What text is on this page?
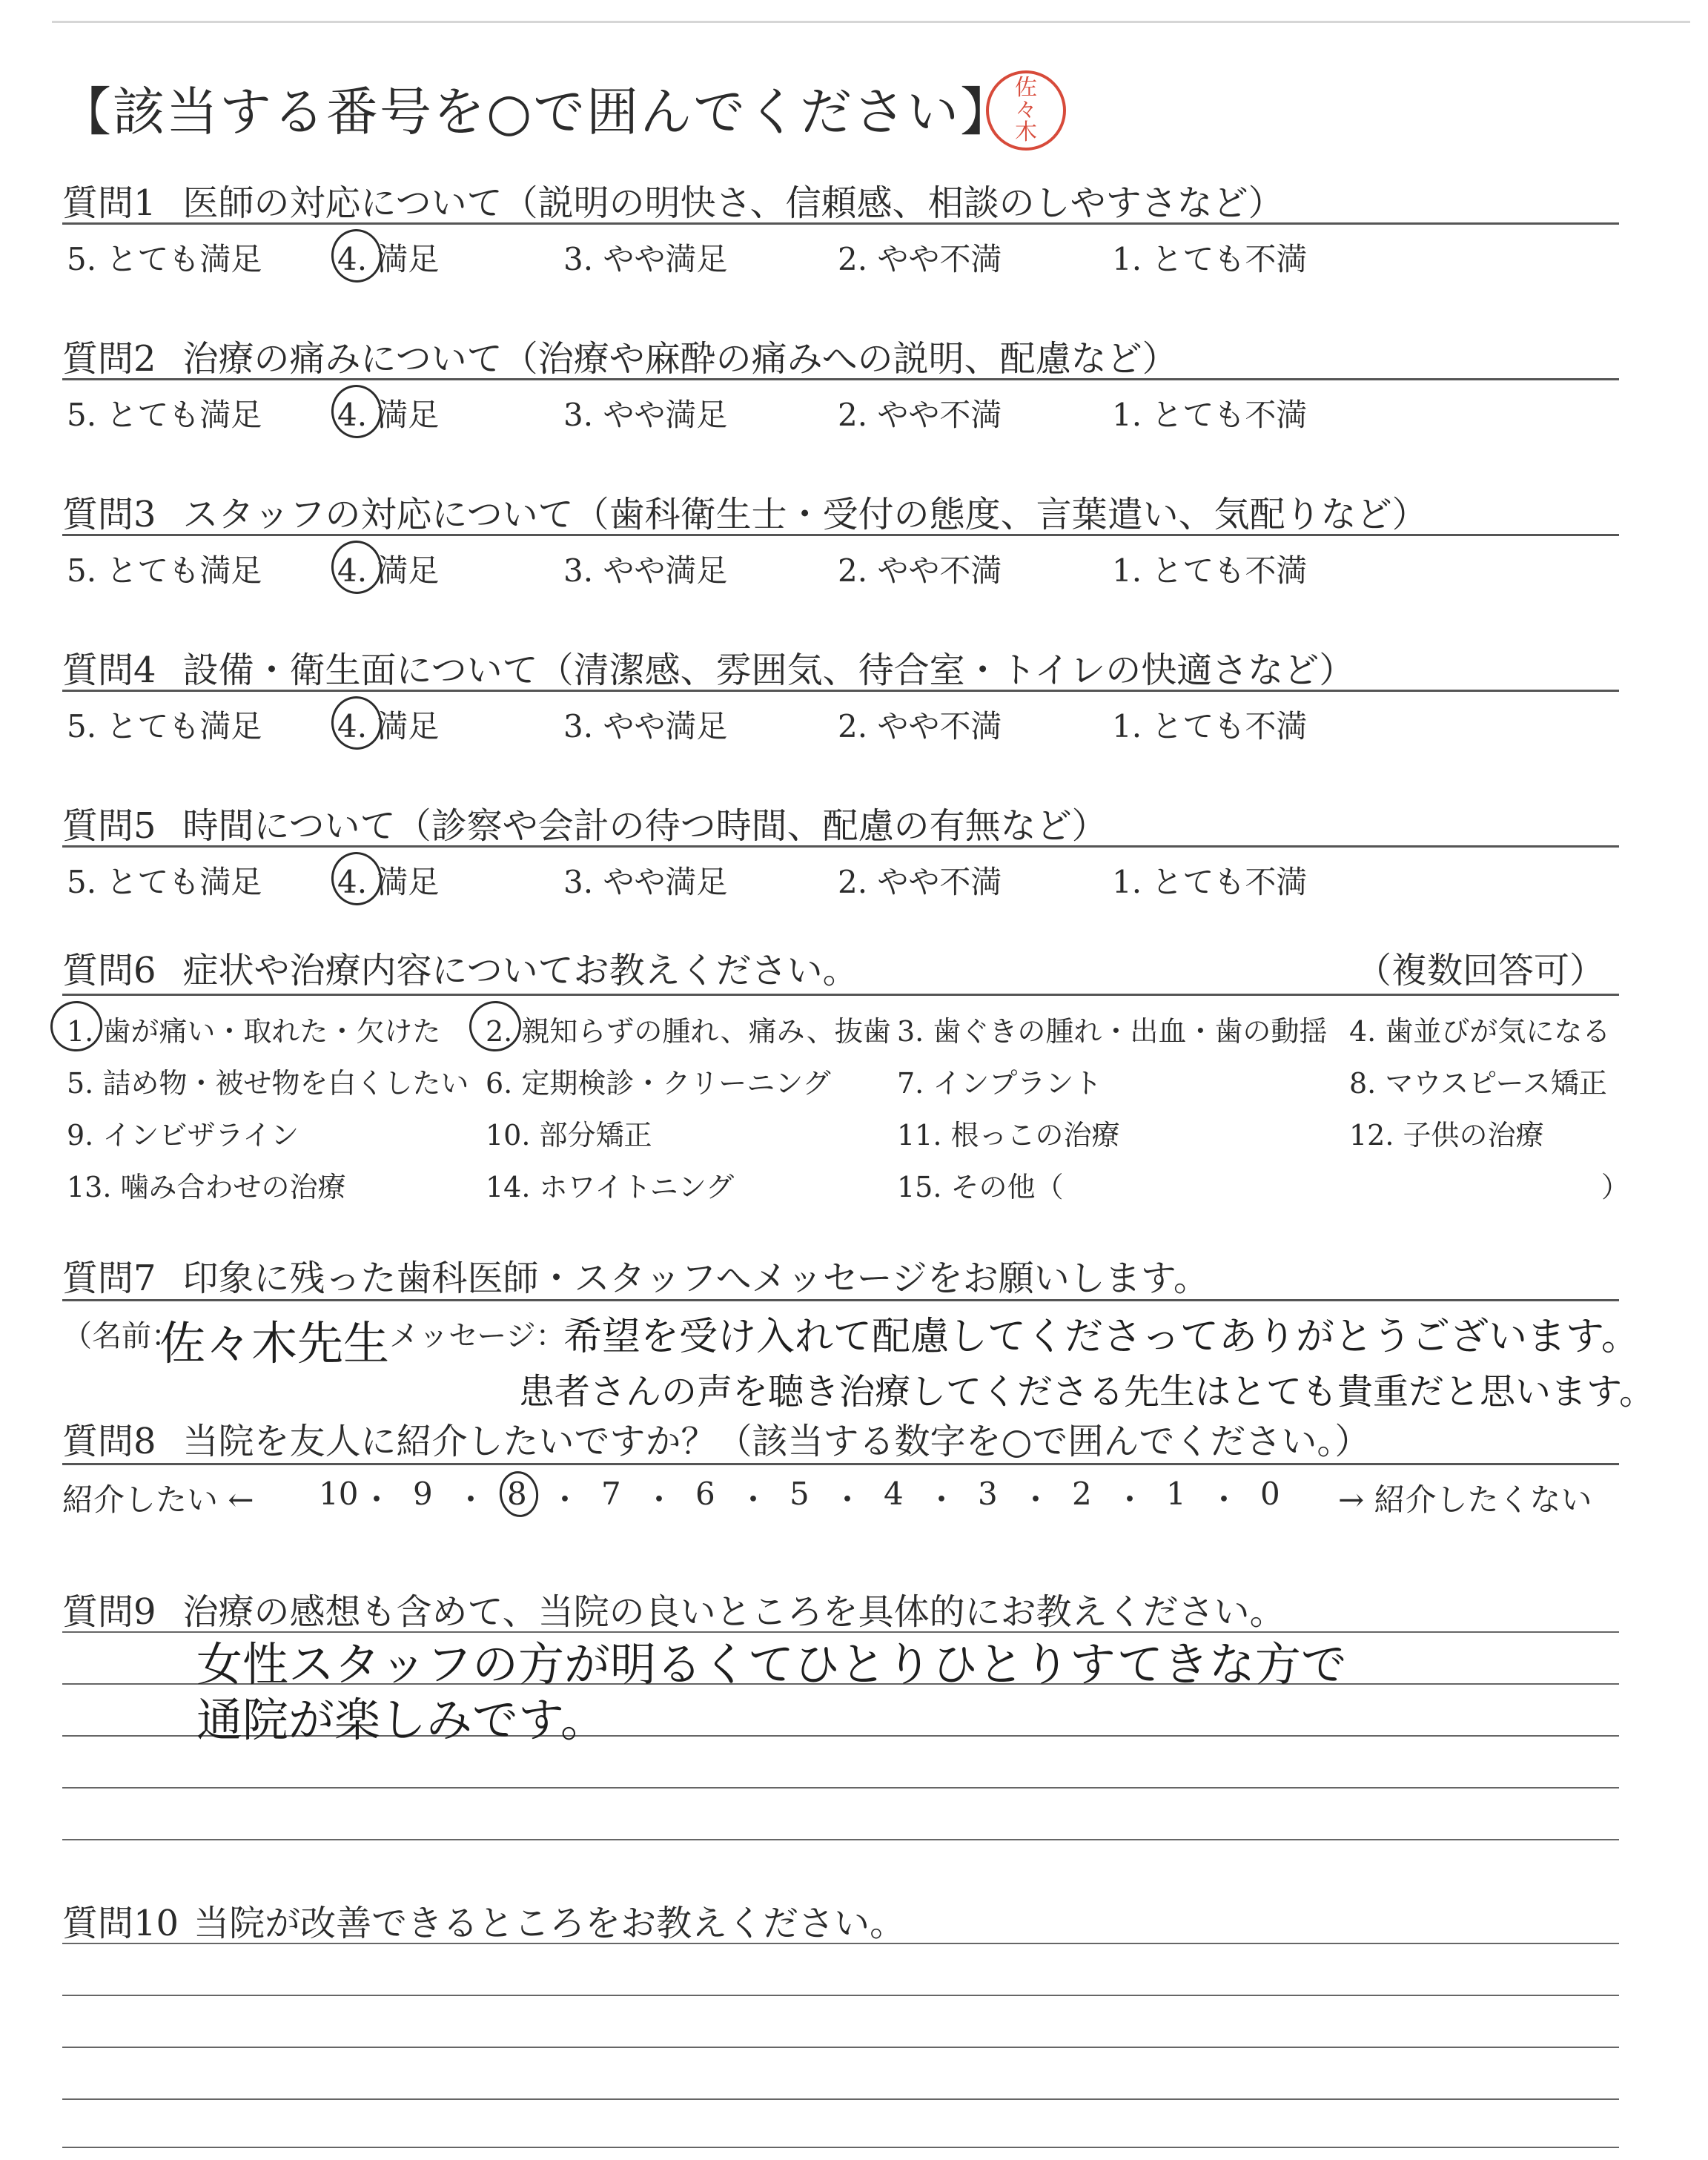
【該当する番号を○で囲んでください】 佐
々
木
質問1 医師の対応について（説明の明快さ、信頼感、相談のしやすさなど）
5. とても満足 4. 満足	3. やや満足	2. やや不満	1. とても不満
質問2 治療の痛みについて（治療や麻酔の痛みへの説明、配慮など）
5. とても満足 4. 満足	3. やや満足	2. やや不満	1. とても不満
質問3 スタッフの対応について（歯科衛生士・受付の態度、言葉遣い、気配りなど）
5. とても満足 4. 満足	3. やや満足	2. やや不満	1. とても不満
質問4 設備・衛生面について（清潔感、雰囲気、待合室・トイレの快適さなど）
5. とても満足 4. 満足	3. やや満足	2. やや不満	1. とても不満
質問5 時間について（診察や会計の待つ時間、配慮の有無など）
5. とても満足 4. 満足	3. やや満足	2. やや不満	1. とても不満
質問6 症状や治療内容についてお教えください。	（複数回答可）
1. 歯が痛い・取れた・欠けた 2. 親知らずの腫れ、痛み、抜歯 3. 歯ぐきの腫れ・出血・歯の動揺 4. 歯並びが気になる
5. 詰め物・被せ物を白くしたい 6. 定期検診・クリーニング 7. インプラント	8. マウスピース矯正
9. インビザライン	10. 部分矯正	11. 根っこの治療	12. 子供の治療
13. 噛み合わせの治療	14. ホワイトニング	15. その他（	）
質問7 印象に残った歯科医師・スタッフへメッセージをお願いします。
（名前：
佐々木先生 メッセージ：
希望を受け入れて配慮してくださってありがとうございます。
患者さんの声を聴き治療してくださる先生はとても貴重だと思います。
質問8 当院を友人に紹介したいですか？（該当する数字を○で囲んでください。）
紹介したい ← 10 ・ 9 ・ 8 ・ 7 ・ 6 ・ 5 ・ 4 ・ 3 ・ 2 ・ 1 ・ 0 → 紹介したくない
質問9 治療の感想も含めて、当院の良いところを具体的にお教えください。
女性スタッフの方が明るくてひとりひとりすてきな方で
通院が楽しみです。
質問10 当院が改善できるところをお教えください。
